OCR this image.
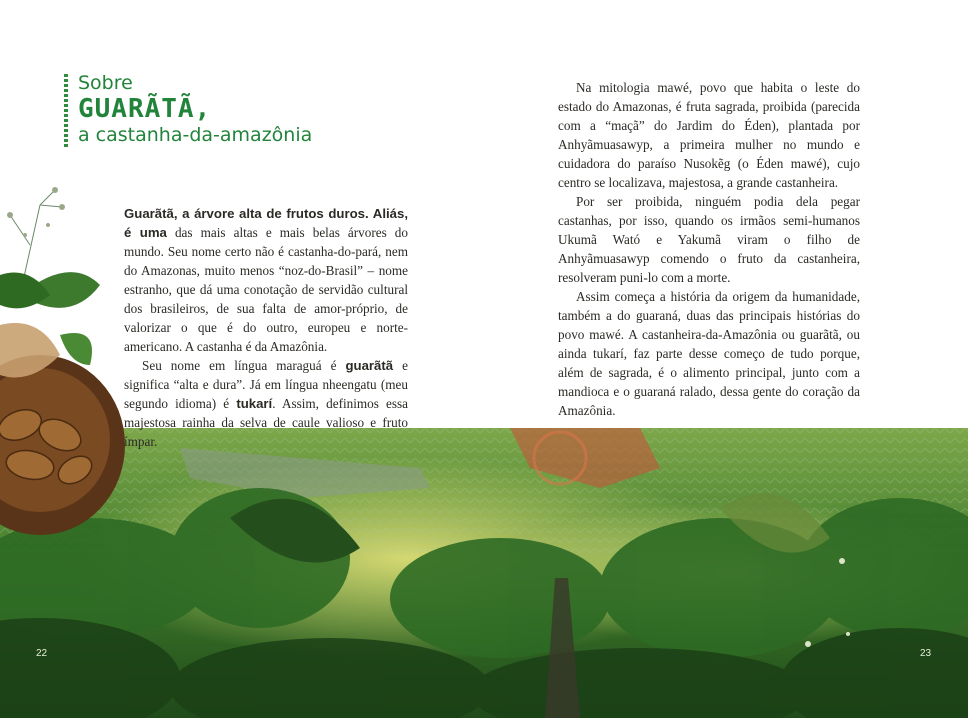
Sobre
GUARÃTÃ,
a castanha-da-amazônia

Guarãtã, a árvore alta de frutos duros. Aliás, é uma das mais altas e mais belas árvores do mundo. Seu nome certo não é castanha-do-pará, nem do Amazonas, muito menos “noz-do-Brasil” – nome estranho, que dá uma conotação de servidão cultural dos brasileiros, de sua falta de amor-próprio, de valorizar o que é do outro, europeu e norte-americano. A castanha é da Amazônia.

Seu nome em língua maraguá é guarãtã e significa “alta e dura”. Já em língua nheengatu (meu segundo idioma) é tukarí. Assim, definimos essa majestosa rainha da selva de caule valioso e fruto ímpar.

Na mitologia mawé, povo que habita o leste do estado do Amazonas, é fruta sagrada, proibida (parecida com a “maçã” do Jardim do Éden), plantada por Anhyãmuasawyp, a primeira mulher no mundo e cuidadora do paraíso Nusokẽg (o Éden mawé), cujo centro se localizava, majestosa, a grande castanheira.

Por ser proibida, ninguém podia dela pegar castanhas, por isso, quando os irmãos semi-humanos Ukumã Wató e Yakumã viram o filho de Anhyãmuasawyp comendo o fruto da castanheira, resolveram puni-lo com a morte.

Assim começa a história da origem da humanidade, também a do guaraná, duas das principais histórias do povo mawé. A castanheira-da-Amazônia ou guarãtã, ou ainda tukarí, faz parte desse começo de tudo porque, além de sagrada, é o alimento principal, junto com a mandioca e o guaraná ralado, dessa gente do coração da Amazônia.

22	23
